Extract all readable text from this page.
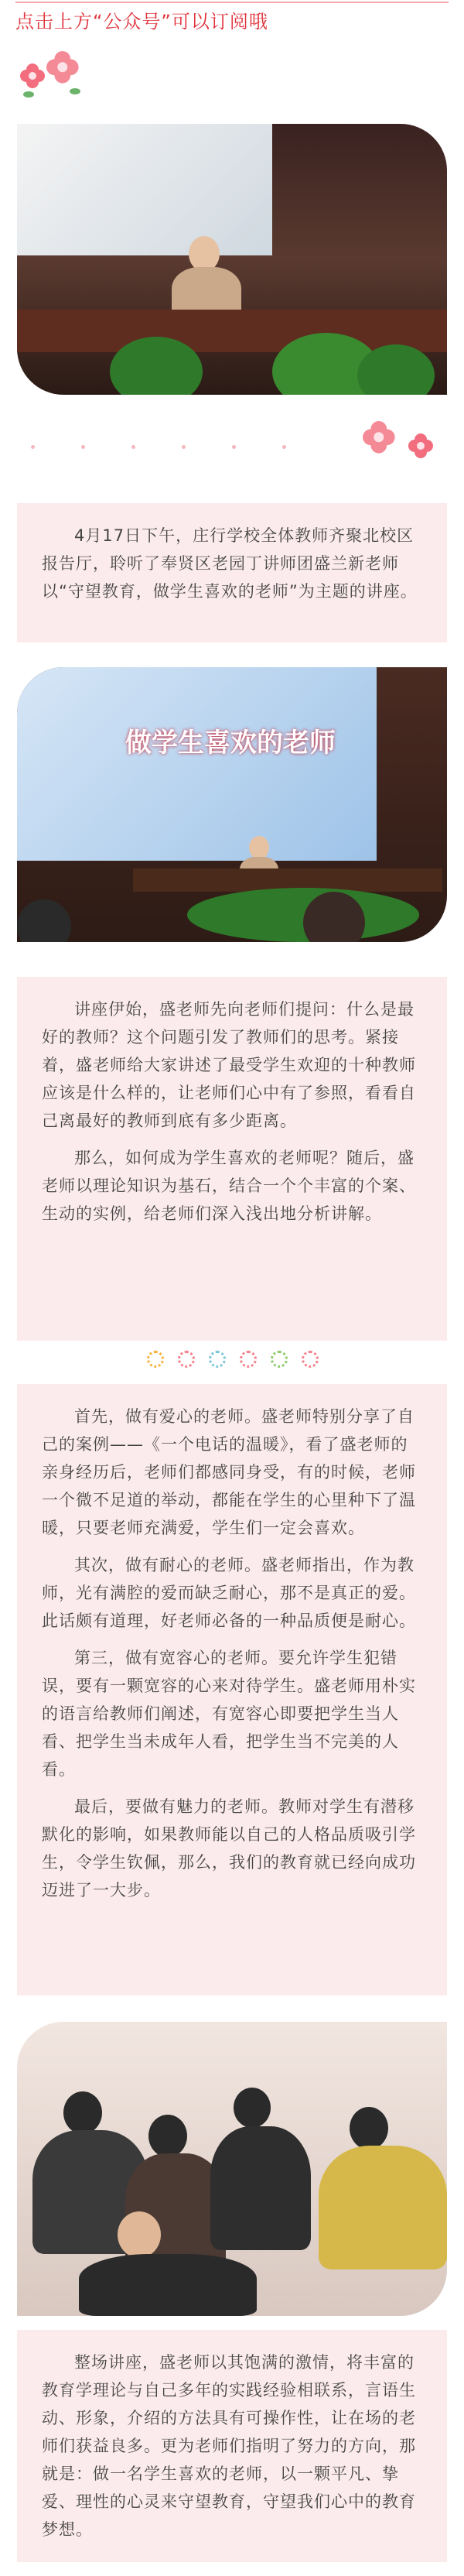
点击上方“公众号”可以订阅哦

4月17日下午，庄行学校全体教师齐聚北校区报告厅，聆听了奉贤区老园丁讲师团盛兰新老师以“守望教育，做学生喜欢的老师”为主题的讲座。

做学生喜欢的老师

讲座伊始，盛老师先向老师们提问：什么是最好的教师？这个问题引发了教师们的思考。紧接着，盛老师给大家讲述了最受学生欢迎的十种教师应该是什么样的，让老师们心中有了参照，看看自己离最好的教师到底有多少距离。

那么，如何成为学生喜欢的老师呢？随后，盛老师以理论知识为基石，结合一个个丰富的个案、生动的实例，给老师们深入浅出地分析讲解。

首先，做有爱心的老师。盛老师特别分享了自己的案例——《一个电话的温暖》，看了盛老师的亲身经历后，老师们都感同身受，有的时候，老师一个微不足道的举动，都能在学生的心里种下了温暖，只要老师充满爱，学生们一定会喜欢。

其次，做有耐心的老师。盛老师指出，作为教师，光有满腔的爱而缺乏耐心，那不是真正的爱。此话颇有道理，好老师必备的一种品质便是耐心。

第三，做有宽容心的老师。要允许学生犯错误，要有一颗宽容的心来对待学生。盛老师用朴实的语言给教师们阐述，有宽容心即要把学生当人看、把学生当未成年人看，把学生当不完美的人看。

最后，要做有魅力的老师。教师对学生有潜移默化的影响，如果教师能以自己的人格品质吸引学生，令学生钦佩，那么，我们的教育就已经向成功迈进了一大步。

整场讲座，盛老师以其饱满的激情，将丰富的教育学理论与自己多年的实践经验相联系，言语生动、形象，介绍的方法具有可操作性，让在场的老师们获益良多。更为老师们指明了努力的方向，那就是：做一名学生喜欢的老师，以一颗平凡、挚爱、理性的心灵来守望教育，守望我们心中的教育梦想。
